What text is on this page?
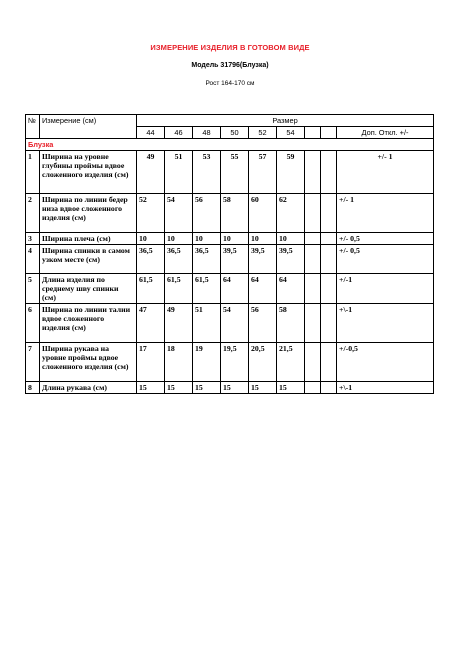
ИЗМЕРЕНИЕ ИЗДЕЛИЯ В ГОТОВОМ ВИДЕ
Модель 31796(Блузка)
Рост 164-170 см
№	Измерение (см)	Размер								
		44	46	48	50	52	54			Доп. Откл. +/-
Блузка										
1	Ширина на уровне глубины проймы вдвое сложенного изделия (см)	49	51	53	55	57	59			+/- 1
2	Ширина по линии бедер низа вдвое сложенного изделия (см)	52	54	56	58	60	62			+/- 1
3	Ширина плеча (см)	10	10	10	10	10	10			+/- 0,5
4	Ширина спинки в самом узком месте (см)	36,5	36,5	36,5	39,5	39,5	39,5			+/- 0,5
5	Длина изделия по среднему шву спинки (см)	61,5	61,5	61,5	64	64	64			+/-1
6	Ширина по линии талии вдвое сложенного изделия (см)	47	49	51	54	56	58			+\-1
7	Ширина рукава на уровне проймы вдвое сложенного изделия (см)	17	18	19	19,5	20,5	21,5			+/-0,5
8	Длина рукава (см)	15	15	15	15	15	15			+\-1
